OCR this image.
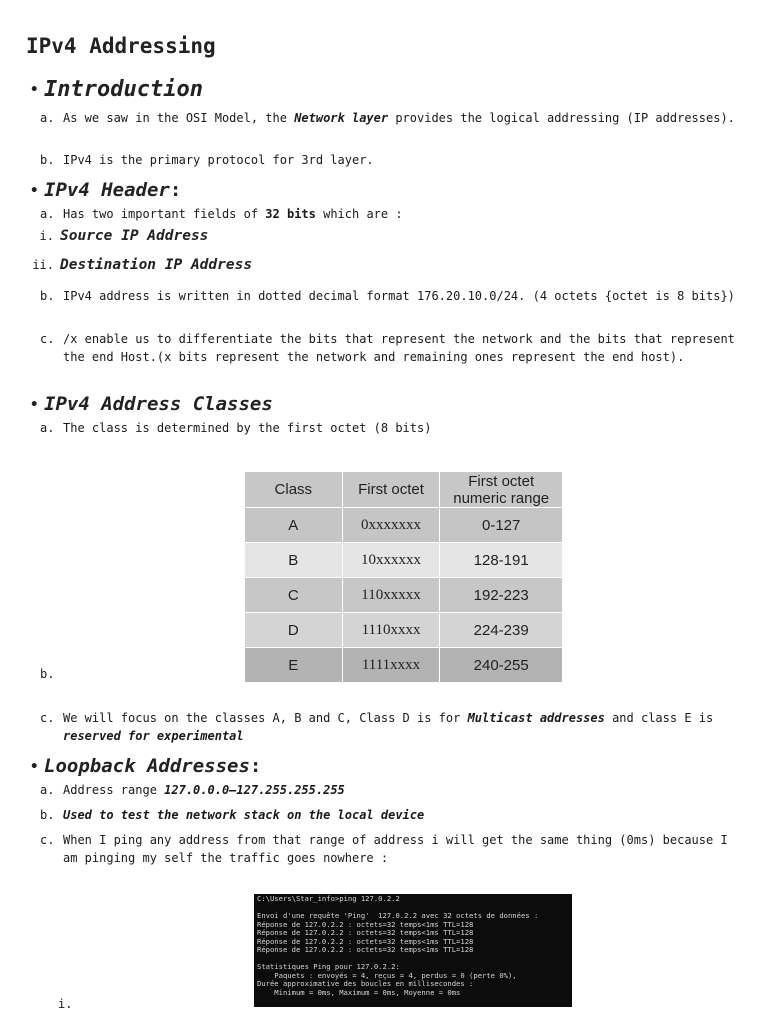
IPv4 Addressing
• Introduction
a. As we saw in the OSI Model, the Network layer provides the logical addressing (IP addresses).
b. IPv4 is the primary protocol for 3rd layer.
• IPv4 Header:
a. Has two important fields of 32 bits which are :
i. Source IP Address
ii. Destination IP Address
b. IPv4 address is written in dotted decimal format 176.20.10.0/24. (4 octets {octet is 8 bits})
c. /x enable us to differentiate the bits that represent the network and the bits that represent the end Host.(x bits represent the network and remaining ones represent the end host).
• IPv4 Address Classes
a. The class is determined by the first octet (8 bits)
Class	First octet	First octet numeric range
A	0xxxxxxx	0-127
B	10xxxxxx	128-191
C	110xxxxx	192-223
D	1110xxxx	224-239
E	1111xxxx	240-255
b.
c. We will focus on the classes A, B and C, Class D is for Multicast addresses and class E is reserved for experimental
• Loopback Addresses:
a. Address range 127.0.0.0–127.255.255.255
b. Used to test the network stack on the local device
c. When I ping any address from that range of address i will get the same thing (0ms) because I am pinging my self the traffic goes nowhere :
C:\Users\Star_info>ping 127.0.2.2
Envoi d'une requête 'Ping'  127.0.2.2 avec 32 octets de données :
Réponse de 127.0.2.2 : octets=32 temps<1ms TTL=128
Réponse de 127.0.2.2 : octets=32 temps<1ms TTL=128
Réponse de 127.0.2.2 : octets=32 temps<1ms TTL=128
Réponse de 127.0.2.2 : octets=32 temps<1ms TTL=128
Statistiques Ping pour 127.0.2.2:
Paquets : envoyés = 4, reçus = 4, perdus = 0 (perte 0%),
Durée approximative des boucles en millisecondes :
Minimum = 0ms, Maximum = 0ms, Moyenne = 0ms
i.
